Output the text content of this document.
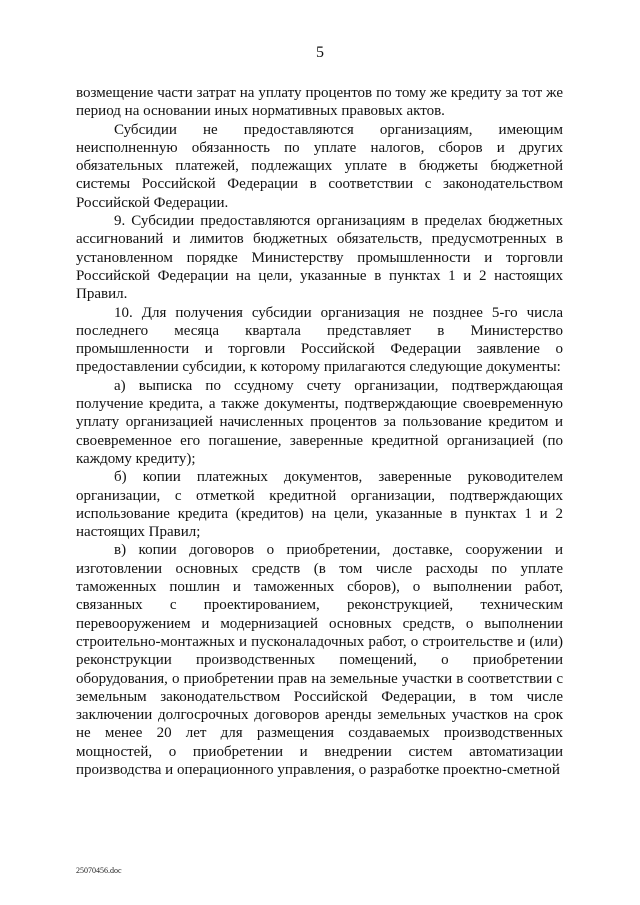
5

возмещение части затрат на уплату процентов по тому же кредиту за тот же период на основании иных нормативных правовых актов.

Субсидии не предоставляются организациям, имеющим неисполненную обязанность по уплате налогов, сборов и других обязательных платежей, подлежащих уплате в бюджеты бюджетной системы Российской Федерации в соответствии с законодательством Российской Федерации.

9. Субсидии предоставляются организациям в пределах бюджетных ассигнований и лимитов бюджетных обязательств, предусмотренных в установленном порядке Министерству промышленности и торговли Российской Федерации на цели, указанные в пунктах 1 и 2 настоящих Правил.

10. Для получения субсидии организация не позднее 5-го числа последнего месяца квартала представляет в Министерство промышленности и торговли Российской Федерации заявление о предоставлении субсидии, к которому прилагаются следующие документы:

а) выписка по ссудному счету организации, подтверждающая получение кредита, а также документы, подтверждающие своевременную уплату организацией начисленных процентов за пользование кредитом и своевременное его погашение, заверенные кредитной организацией (по каждому кредиту);

б) копии платежных документов, заверенные руководителем организации, с отметкой кредитной организации, подтверждающих использование кредита (кредитов) на цели, указанные в пунктах 1 и 2 настоящих Правил;

в) копии договоров о приобретении, доставке, сооружении и изготовлении основных средств (в том числе расходы по уплате таможенных пошлин и таможенных сборов), о выполнении работ, связанных с проектированием, реконструкцией, техническим перевооружением и модернизацией основных средств, о выполнении строительно-монтажных и пусконаладочных работ, о строительстве и (или) реконструкции производственных помещений, о приобретении оборудования, о приобретении прав на земельные участки в соответствии с земельным законодательством Российской Федерации, в том числе заключении долгосрочных договоров аренды земельных участков на срок не менее 20 лет для размещения создаваемых производственных мощностей, о приобретении и внедрении систем автоматизации производства и операционного управления, о разработке проектно-сметной

25070456.doc
